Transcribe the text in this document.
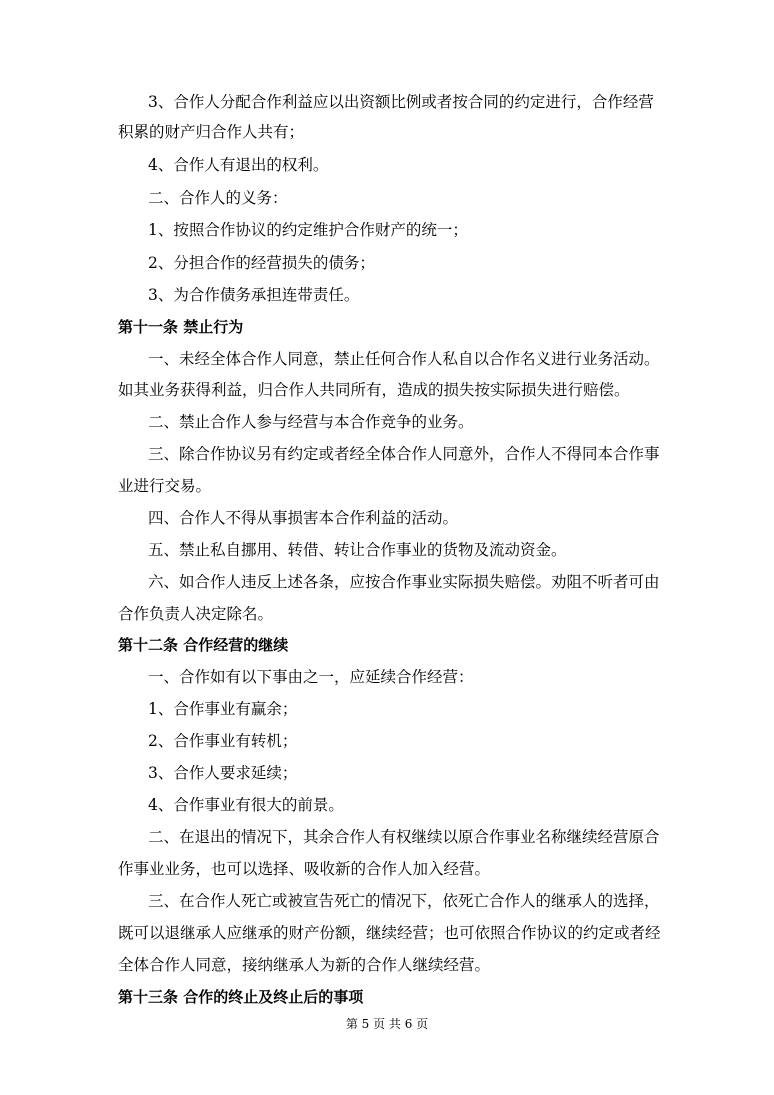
3、合作人分配合作利益应以出资额比例或者按合同的约定进行，合作经营
积累的财产归合作人共有；
4、合作人有退出的权利。
二、合作人的义务：
1、按照合作协议的约定维护合作财产的统一；
2、分担合作的经营损失的债务；
3、为合作债务承担连带责任。
第十一条 禁止行为
一、未经全体合作人同意，禁止任何合作人私自以合作名义进行业务活动。
如其业务获得利益，归合作人共同所有，造成的损失按实际损失进行赔偿。
二、禁止合作人参与经营与本合作竞争的业务。
三、除合作协议另有约定或者经全体合作人同意外，合作人不得同本合作事
业进行交易。
四、合作人不得从事损害本合作利益的活动。
五、禁止私自挪用、转借、转让合作事业的货物及流动资金。
六、如合作人违反上述各条，应按合作事业实际损失赔偿。劝阻不听者可由
合作负责人决定除名。
第十二条 合作经营的继续
一、合作如有以下事由之一，应延续合作经营：
1、合作事业有赢余；
2、合作事业有转机；
3、合作人要求延续；
4、合作事业有很大的前景。
二、在退出的情况下，其余合作人有权继续以原合作事业名称继续经营原合
作事业业务，也可以选择、吸收新的合作人加入经营。
三、在合作人死亡或被宣告死亡的情况下，依死亡合作人的继承人的选择，
既可以退继承人应继承的财产份额，继续经营；也可依照合作协议的约定或者经
全体合作人同意，接纳继承人为新的合作人继续经营。
第十三条 合作的终止及终止后的事项
第 5 页 共 6 页
